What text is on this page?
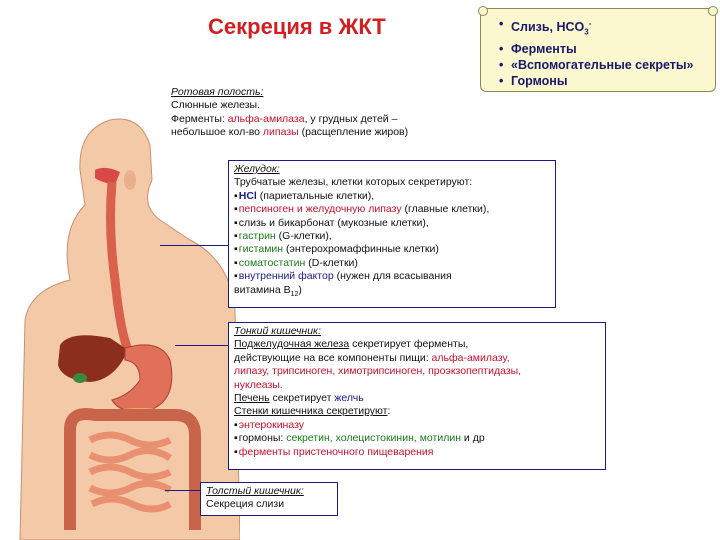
Секреция в ЖКТ
•	Слизь, $HCO_3^-$
• Ферменты
• «Вспомогательные секреты»
• Гормоны
Ротовая полость:
Слюнные железы.
Ферменты: альфа-амилаза, у грудных детей –
небольшое кол-во липазы (расщепление жиров)
Желудок:
Трубчатые железы, клетки которых секретируют:
▪ HCl (париетальные клетки),
▪ пепсиноген и желудочную липазу (главные клетки),
▪ слизь и бикарбонат (мукозные клетки),
▪ гастрин (G-клетки),
▪ гистамин (энтерохромаффинные клетки)
▪ соматостатин (D-клетки)
▪ внутренний фактор (нужен для всасывания
витамина $B_{12}$)
Тонкий кишечник:
Поджелудочная железа секретирует ферменты,
действующие на все компоненты пищи: альфа-амилазу,
липазу, трипсиноген, химотрипсиноген, проэкзопептидазы,
нуклеазы.
Печень секретирует желчь
Стенки кишечника секретируют:
▪ энтерокиназу
▪ гормоны: секретин, холецистокинин, мотилин и др
▪ ферменты пристеночного пищеварения
Толстый кишечник:
Секреция слизи
